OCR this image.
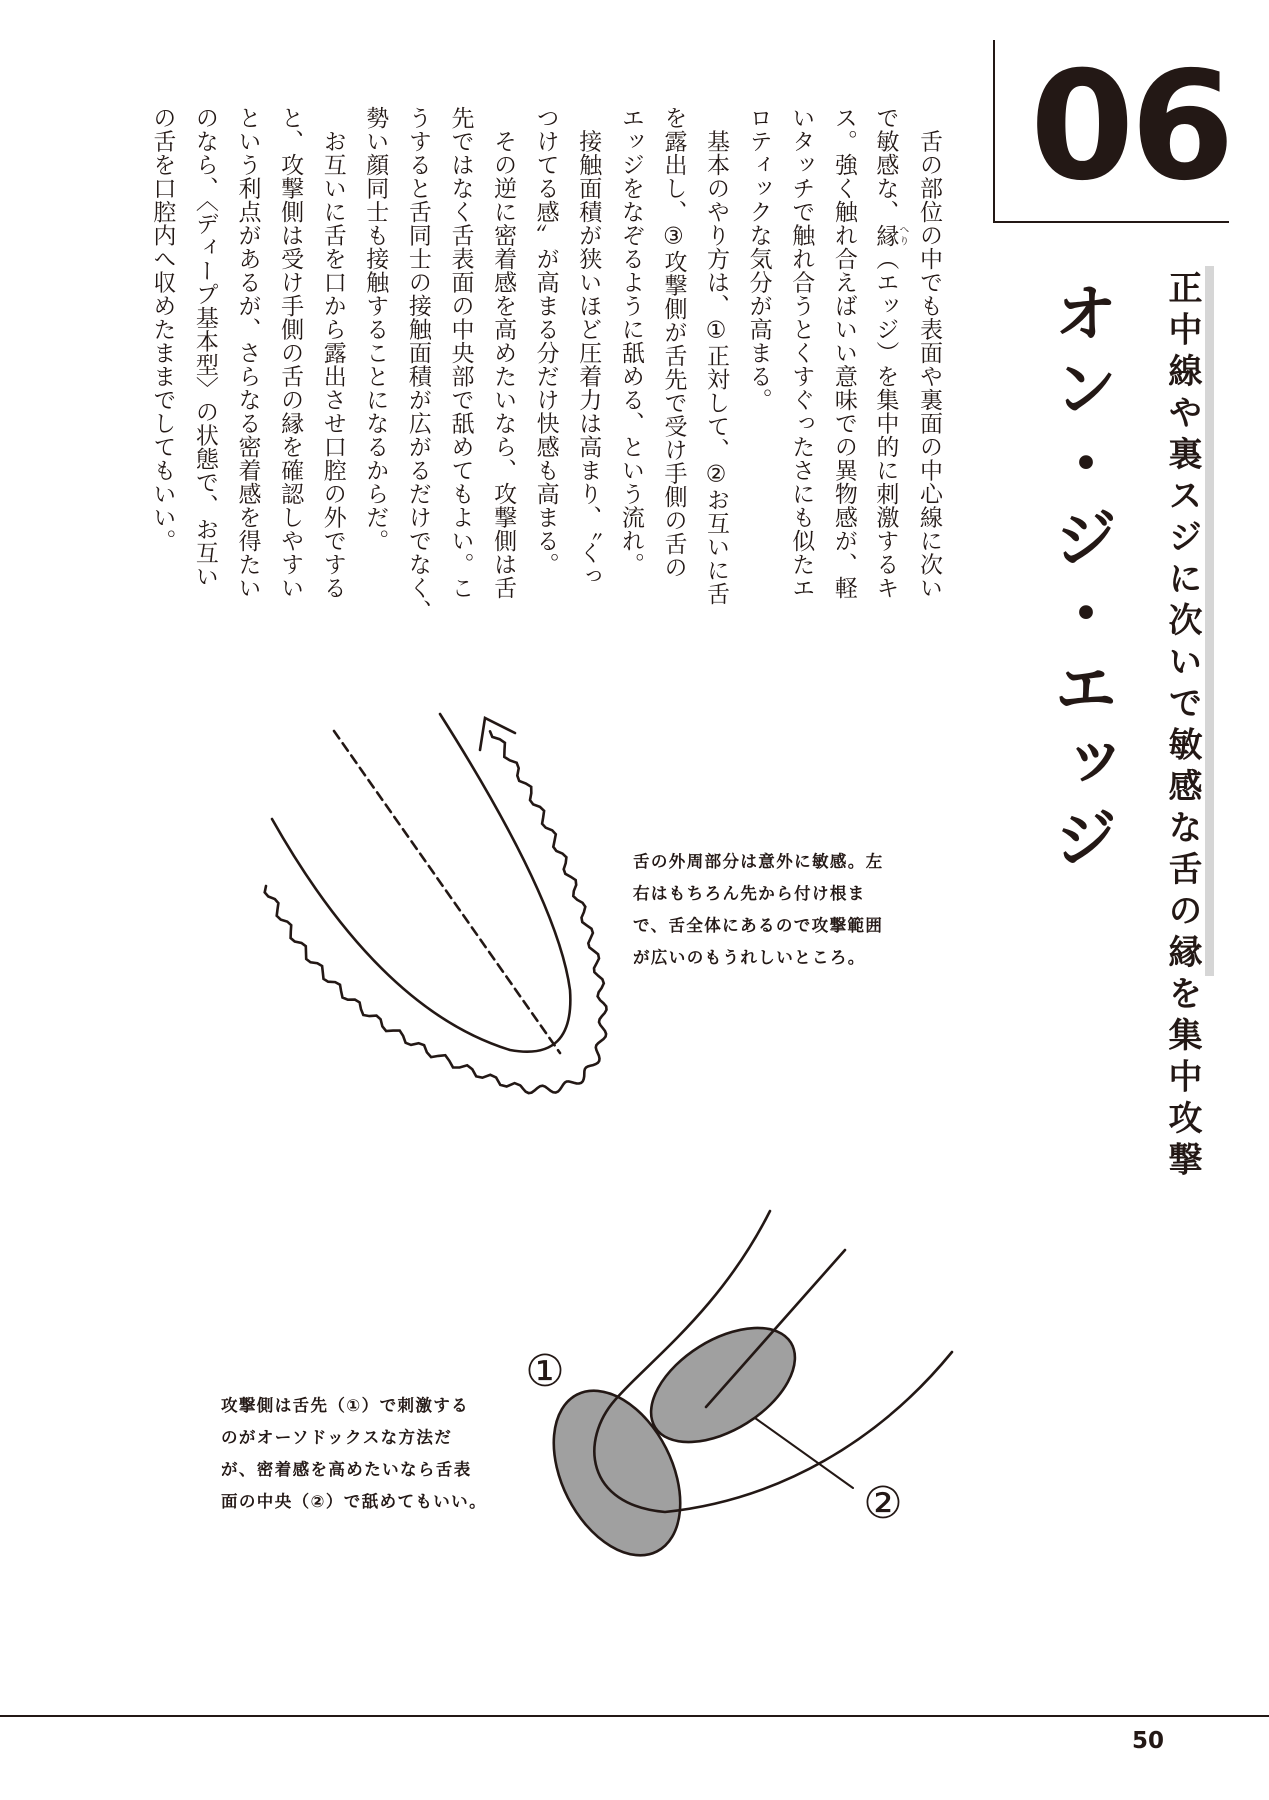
06
オン・ジ・エッジ 正中線や裏スジに次いで敏感な舌の縁を集中攻撃
　舌の部位の中でも表面や裏面の中心線に次い
で敏感な、縁へり（エッジ）を集中的に刺激するキ
ス。強く触れ合えばいい意味での異物感が、軽
いタッチで触れ合うとくすぐったさにも似たエ
ロティックな気分が高まる。
　基本のやり方は、①正対して、②お互いに舌
を露出し、③攻撃側が舌先で受け手側の舌の
エッジをなぞるように舐める、という流れ。
　接触面積が狭いほど圧着力は高まり、〝くっ
つけてる感〟が高まる分だけ快感も高まる。
　その逆に密着感を高めたいなら、攻撃側は舌
先ではなく舌表面の中央部で舐めてもよい。こ
うすると舌同士の接触面積が広がるだけでなく、
勢い顔同士も接触することになるからだ。
　お互いに舌を口から露出させ口腔の外でする
と、攻撃側は受け手側の舌の縁を確認しやすい
という利点があるが、さらなる密着感を得たい
のなら、〈ディープ基本型〉の状態で、お互い
の舌を口腔内へ収めたままでしてもいい。
①
②
舌の外周部分は意外に敏感。左
右はもちろん先から付け根ま
で、舌全体にあるので攻撃範囲
が広いのもうれしいところ。
攻撃側は舌先（①）で刺激する
のがオーソドックスな方法だ
が、密着感を高めたいなら舌表
面の中央（②）で舐めてもいい。
50
